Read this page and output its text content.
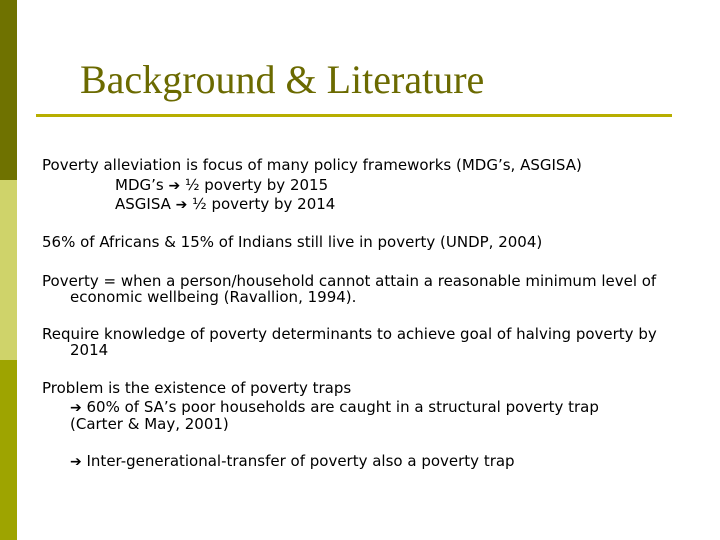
Background & Literature
Poverty alleviation is focus of many policy frameworks (MDG’s, ASGISA)
MDG’s ➔ ½ poverty by 2015
ASGISA ➔ ½ poverty by 2014
56% of Africans & 15% of Indians still live in poverty (UNDP, 2004)
Poverty = when a person/household cannot attain a reasonable minimum level of
economic wellbeing (Ravallion, 1994).
Require knowledge of poverty determinants to achieve goal of halving poverty by
2014
Problem is the existence of poverty traps
➔ 60% of SA’s poor households are caught in a structural poverty trap
(Carter & May, 2001)
➔ Inter-generational-transfer of poverty also a poverty trap
